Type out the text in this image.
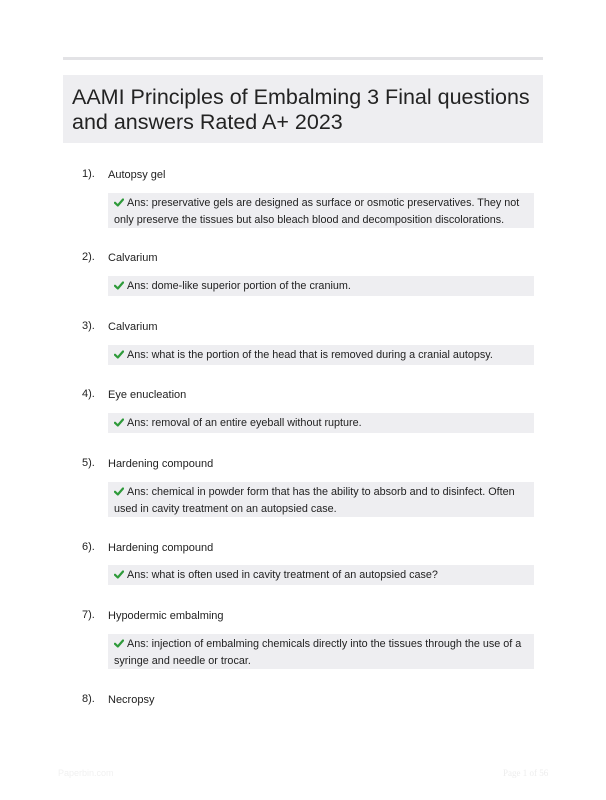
AAMI Principles of Embalming 3 Final questions and answers Rated A+ 2023
1). Autopsy gel
Ans: preservative gels are designed as surface or osmotic preservatives. They not only preserve the tissues but also bleach blood and decomposition discolorations.
2). Calvarium
Ans: dome-like superior portion of the cranium.
3). Calvarium
Ans: what is the portion of the head that is removed during a cranial autopsy.
4). Eye enucleation
Ans: removal of an entire eyeball without rupture.
5). Hardening compound
Ans: chemical in powder form that has the ability to absorb and to disinfect. Often used in cavity treatment on an autopsied case.
6). Hardening compound
Ans: what is often used in cavity treatment of an autopsied case?
7). Hypodermic embalming
Ans: injection of embalming chemicals directly into the tissues through the use of a syringe and needle or trocar.
8). Necropsy
Paperbin.com	Page 1 of 56
